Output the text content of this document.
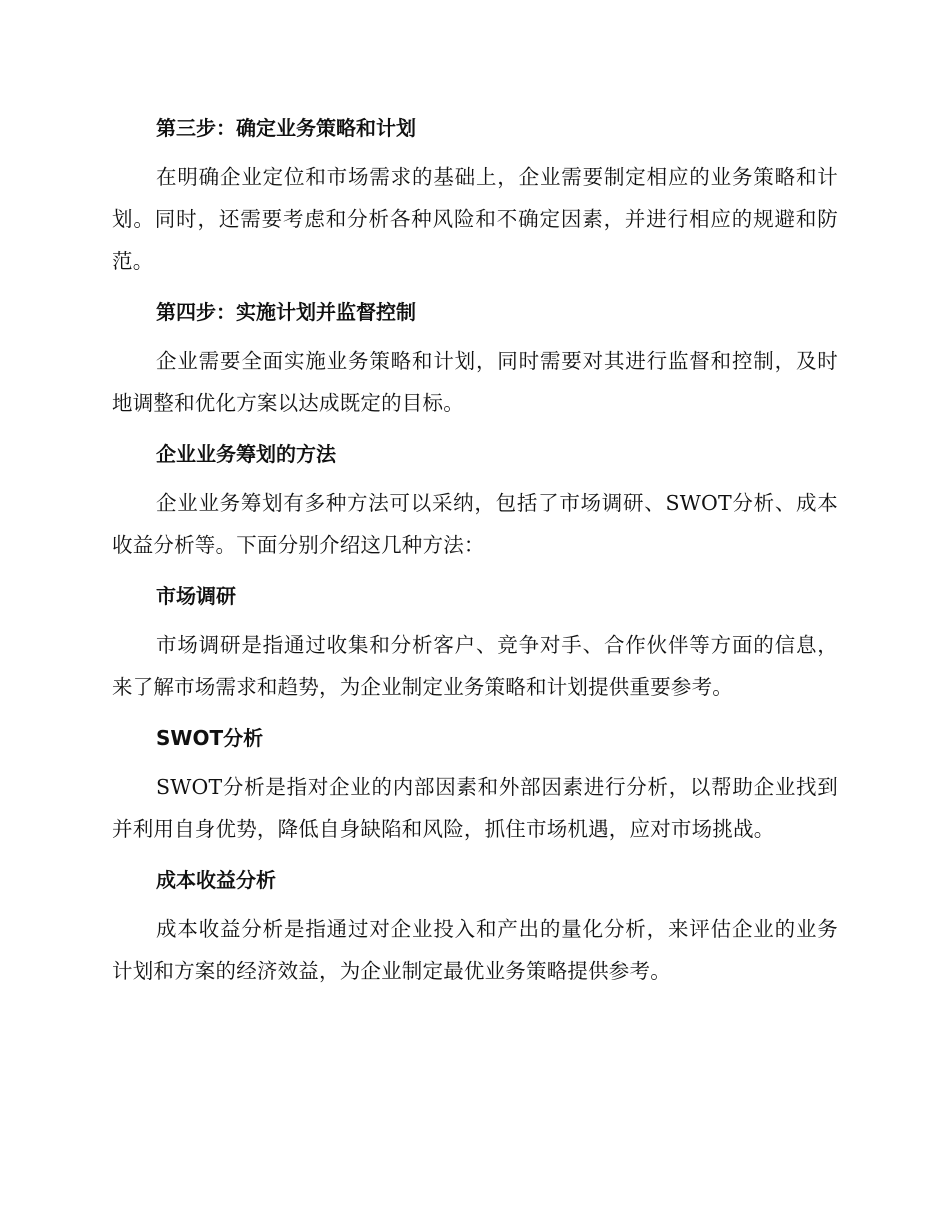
第三步：确定业务策略和计划

在明确企业定位和市场需求的基础上，企业需要制定相应的业务策略和计划。同时，还需要考虑和分析各种风险和不确定因素，并进行相应的规避和防范。

第四步：实施计划并监督控制

企业需要全面实施业务策略和计划，同时需要对其进行监督和控制，及时地调整和优化方案以达成既定的目标。

企业业务筹划的方法

企业业务筹划有多种方法可以采纳，包括了市场调研、SWOT分析、成本收益分析等。下面分别介绍这几种方法：

市场调研

市场调研是指通过收集和分析客户、竞争对手、合作伙伴等方面的信息，来了解市场需求和趋势，为企业制定业务策略和计划提供重要参考。

SWOT分析

SWOT分析是指对企业的内部因素和外部因素进行分析，以帮助企业找到并利用自身优势，降低自身缺陷和风险，抓住市场机遇，应对市场挑战。

成本收益分析

成本收益分析是指通过对企业投入和产出的量化分析，来评估企业的业务计划和方案的经济效益，为企业制定最优业务策略提供参考。
